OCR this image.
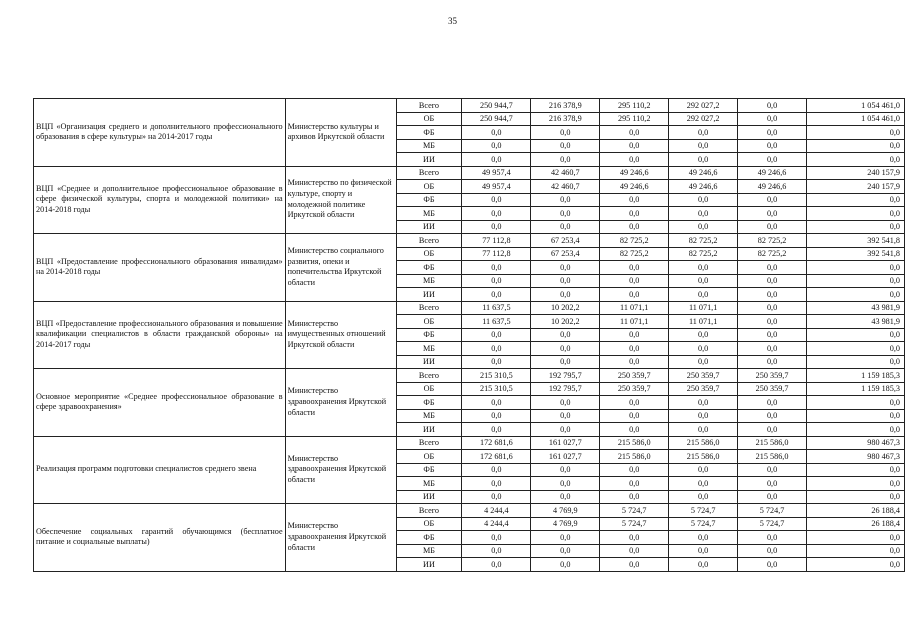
35
ВЦП «Организация среднего и дополнительного профессионального образования в сфере культуры» на 2014-2017 годы	Министерство культуры и архивов Иркутской области	Всего	250 944,7	216 378,9	295 110,2	292 027,2	0,0	1 054 461,0
		ОБ	250 944,7	216 378,9	295 110,2	292 027,2	0,0	1 054 461,0
		ФБ	0,0	0,0	0,0	0,0	0,0	0,0
		МБ	0,0	0,0	0,0	0,0	0,0	0,0
		ИИ	0,0	0,0	0,0	0,0	0,0	0,0
ВЦП «Среднее и дополнительное профессиональное образование в сфере физической культуры, спорта и молодежной политики» на 2014-2018 годы	Министерство по физической культуре, спорту и молодежной политике Иркутской области	Всего	49 957,4	42 460,7	49 246,6	49 246,6	49 246,6	240 157,9
		ОБ	49 957,4	42 460,7	49 246,6	49 246,6	49 246,6	240 157,9
		ФБ	0,0	0,0	0,0	0,0	0,0	0,0
		МБ	0,0	0,0	0,0	0,0	0,0	0,0
		ИИ	0,0	0,0	0,0	0,0	0,0	0,0
ВЦП «Предоставление профессионального образования инвалидам» на 2014-2018 годы	Министерство социального развития, опеки и попечительства Иркутской области	Всего	77 112,8	67 253,4	82 725,2	82 725,2	82 725,2	392 541,8
		ОБ	77 112,8	67 253,4	82 725,2	82 725,2	82 725,2	392 541,8
		ФБ	0,0	0,0	0,0	0,0	0,0	0,0
		МБ	0,0	0,0	0,0	0,0	0,0	0,0
		ИИ	0,0	0,0	0,0	0,0	0,0	0,0
ВЦП «Предоставление профессионального образования и повышение квалификации специалистов в области гражданской обороны» на 2014-2017 годы	Министерство имущественных отношений Иркутской области	Всего	11 637,5	10 202,2	11 071,1	11 071,1	0,0	43 981,9
		ОБ	11 637,5	10 202,2	11 071,1	11 071,1	0,0	43 981,9
		ФБ	0,0	0,0	0,0	0,0	0,0	0,0
		МБ	0,0	0,0	0,0	0,0	0,0	0,0
		ИИ	0,0	0,0	0,0	0,0	0,0	0,0
Основное мероприятие «Среднее профессиональное образование в сфере здравоохранения»	Министерство здравоохранения Иркутской области	Всего	215 310,5	192 795,7	250 359,7	250 359,7	250 359,7	1 159 185,3
		ОБ	215 310,5	192 795,7	250 359,7	250 359,7	250 359,7	1 159 185,3
		ФБ	0,0	0,0	0,0	0,0	0,0	0,0
		МБ	0,0	0,0	0,0	0,0	0,0	0,0
		ИИ	0,0	0,0	0,0	0,0	0,0	0,0
Реализация программ подготовки специалистов среднего звена	Министерство здравоохранения Иркутской области	Всего	172 681,6	161 027,7	215 586,0	215 586,0	215 586,0	980 467,3
		ОБ	172 681,6	161 027,7	215 586,0	215 586,0	215 586,0	980 467,3
		ФБ	0,0	0,0	0,0	0,0	0,0	0,0
		МБ	0,0	0,0	0,0	0,0	0,0	0,0
		ИИ	0,0	0,0	0,0	0,0	0,0	0,0
Обеспечение социальных гарантий обучающимся (бесплатное питание и социальные выплаты)	Министерство здравоохранения Иркутской области	Всего	4 244,4	4 769,9	5 724,7	5 724,7	5 724,7	26 188,4
		ОБ	4 244,4	4 769,9	5 724,7	5 724,7	5 724,7	26 188,4
		ФБ	0,0	0,0	0,0	0,0	0,0	0,0
		МБ	0,0	0,0	0,0	0,0	0,0	0,0
		ИИ	0,0	0,0	0,0	0,0	0,0	0,0
